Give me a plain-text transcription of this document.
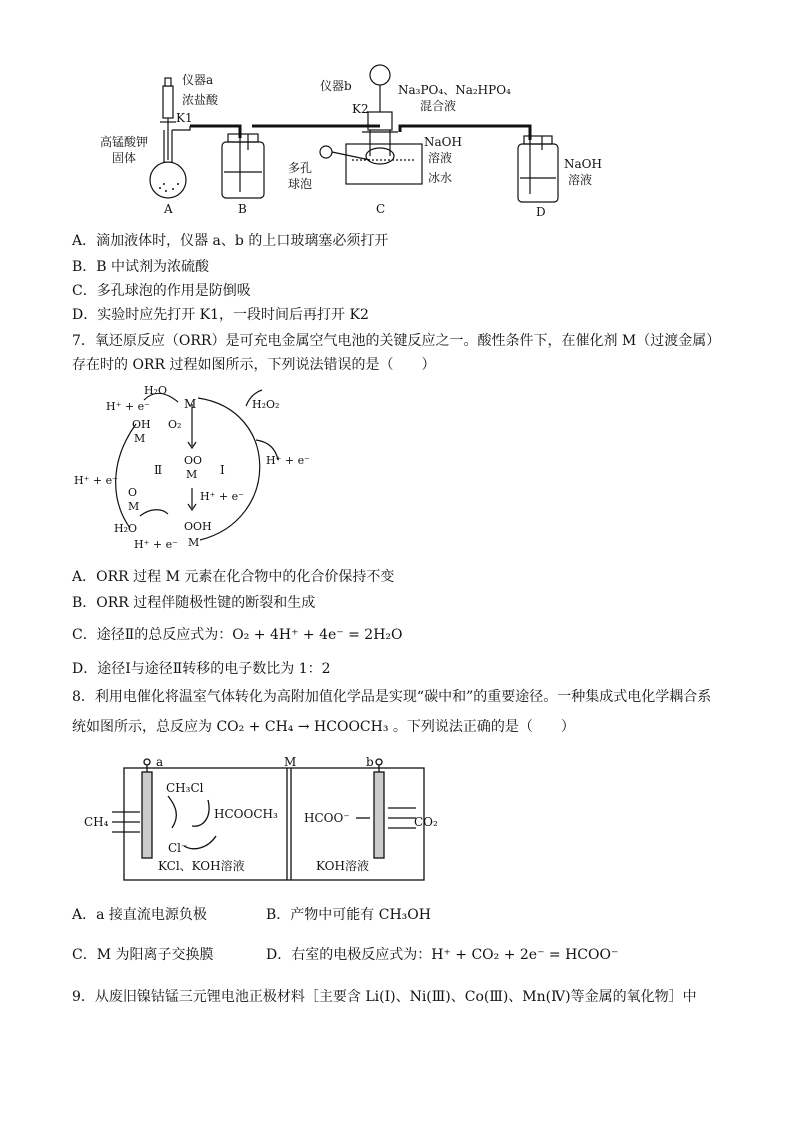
仪器a
浓盐酸
K1
高锰酸钾
固体
A	B
仪器b
K2
Na₃PO₄、Na₂HPO₄
混合液
NaOH
溶液
多孔
球泡	冰水
C
NaOH
溶液
D
A．滴加液体时，仪器 a、b 的上口玻璃塞必须打开
B．B 中试剂为浓硫酸
C．多孔球泡的作用是防倒吸
D．实验时应先打开 K1，一段时间后再打开 K2
7．氧还原反应（ORR）是可充电金属空气电池的关键反应之一。酸性条件下，在催化剂 M（过渡金属）
存在时的 ORR 过程如图所示，下列说法错误的是（　　）
H₂O
H⁺ + e⁻	M	H₂O₂
OH
M
O₂
OO
M
Ⅱ	Ⅰ
H⁺ + e⁻
H⁺ + e⁻
O
M
H⁺ + e⁻
H₂O	OOH
M
H⁺ + e⁻
A．ORR 过程 M 元素在化合物中的化合价保持不变
B．ORR 过程伴随极性键的断裂和生成
C．途径Ⅱ的总反应式为：O₂ + 4H⁺ + 4e⁻ = 2H₂O
D．途径Ⅰ与途径Ⅱ转移的电子数比为 1：2
8．利用电催化将温室气体转化为高附加值化学品是实现“碳中和”的重要途径。一种集成式电化学耦合系
统如图所示，总反应为 CO₂ + CH₄ → HCOOCH₃ 。下列说法正确的是（　　）
a	M	b
CH₃Cl
HCOOCH₃ HCOO⁻
CH₄	CO₂
Cl⁻
KCl、KOH溶液	KOH溶液
A．a 接直流电源负极	B．产物中可能有 CH₃OH
C．M 为阳离子交换膜	D．右室的电极反应式为：H⁺ + CO₂ + 2e⁻ = HCOO⁻
9．从废旧镍钴锰三元锂电池正极材料［主要含 Li(Ⅰ)、Ni(Ⅲ)、Co(Ⅲ)、Mn(Ⅳ)等金属的氧化物］中
